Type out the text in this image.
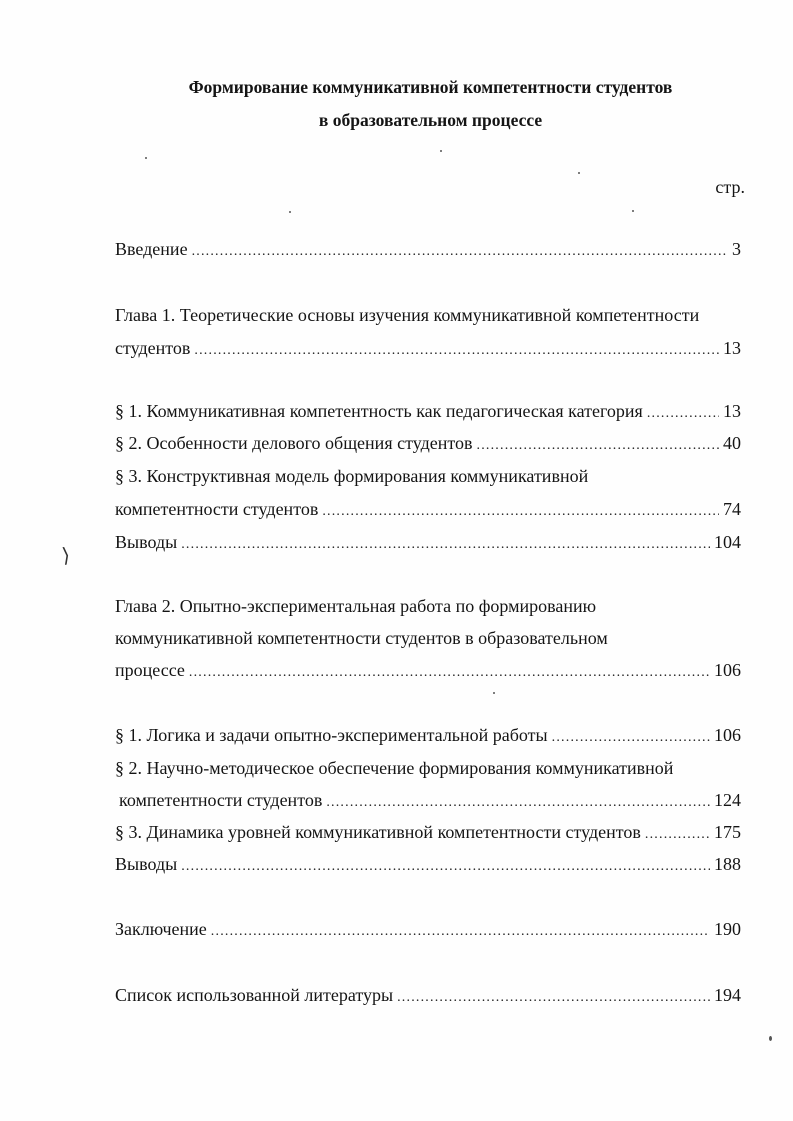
Формирование коммуникативной компетентности студентов
в образовательном процессе
стр.
Введение .....	3
Глава 1. Теоретические основы изучения коммуникативной компетентности
студентов .....	13
§ 1. Коммуникативная компетентность как педагогическая категория .....	13
§ 2. Особенности делового общения студентов .....	40
§ 3. Конструктивная модель формирования коммуникативной
компетентности студентов .....	74
Выводы .....	104
Глава 2. Опытно-экспериментальная работа по формированию
коммуникативной компетентности студентов в образовательном
процессе .....	106
§ 1. Логика и задачи опытно-экспериментальной работы .....	106
§ 2. Научно-методическое обеспечение формирования коммуникативной
компетентности студентов .....	124
§ 3. Динамика уровней коммуникативной компетентности студентов .....	175
Выводы .....	188
Заключение .....	190
Список использованной литературы .....	194
⟩
